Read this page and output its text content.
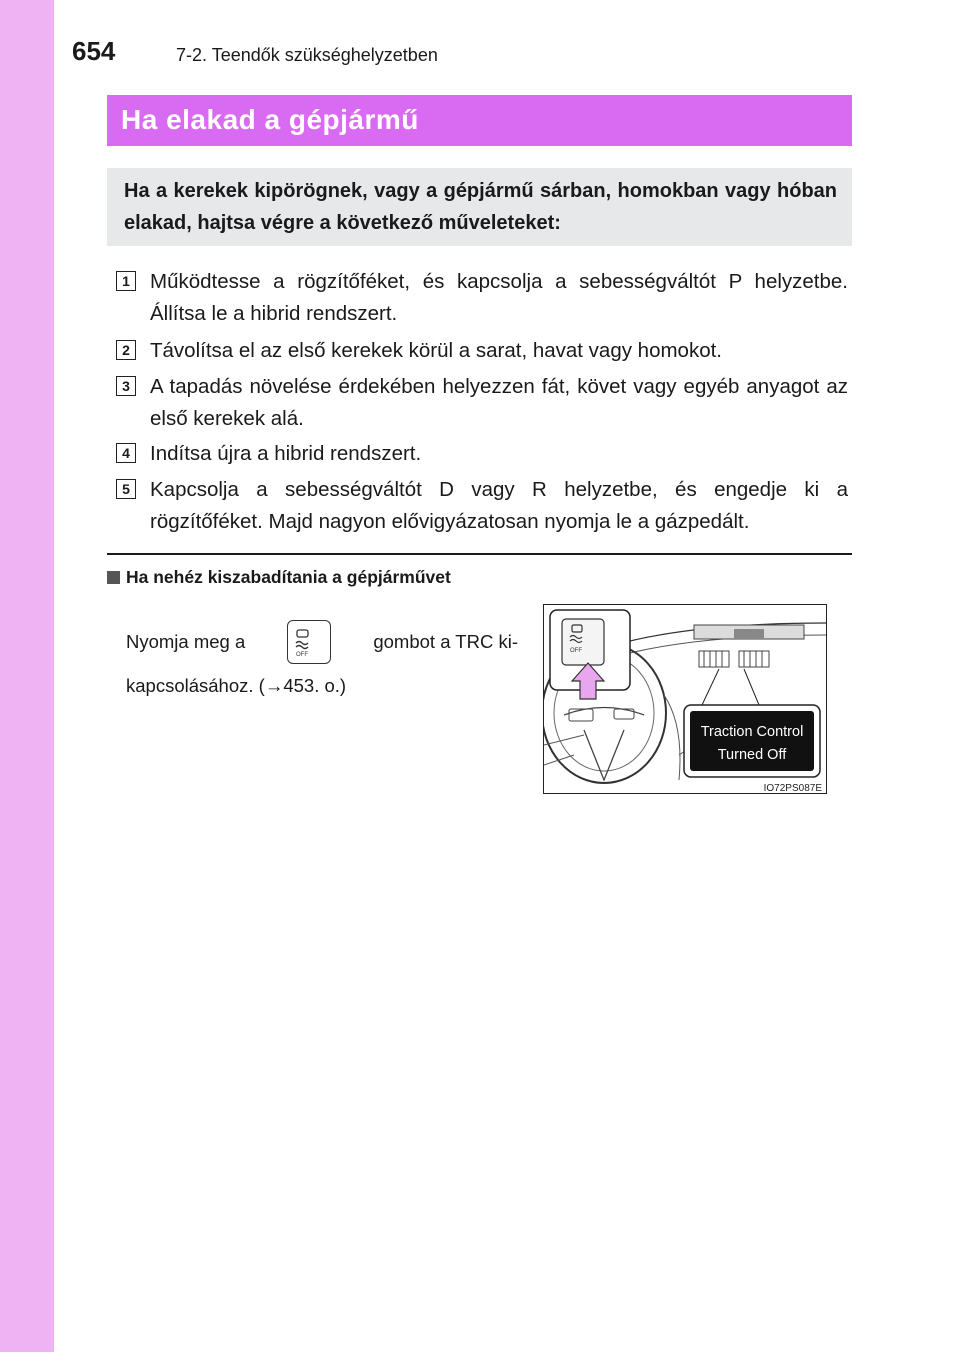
654	7-2. Teendők szükséghelyzetben
Ha elakad a gépjármű

Ha a kerekek kipörögnek, vagy a gépjármű sárban, homokban vagy hóban elakad, hajtsa végre a következő műveleteket:

1 Működtesse a rögzítőféket, és kapcsolja a sebességváltót P helyzetbe. Állítsa le a hibrid rendszert.
2 Távolítsa el az első kerekek körül a sarat, havat vagy homokot.
3 A tapadás növelése érdekében helyezzen fát, követ vagy egyéb anyagot az első kerekek alá.
4 Indítsa újra a hibrid rendszert.
5 Kapcsolja a sebességváltót D vagy R helyzetbe, és engedje ki a rögzítőféket. Majd nagyon elővigyázatosan nyomja le a gázpedált.
Ha nehéz kiszabadítania a gépjárművet
Nyomja meg a
OFF
gombot a TRC ki-
kapcsolásához. (→453. o.)
OFF
Traction Control
Turned Off
IO72PS087E
